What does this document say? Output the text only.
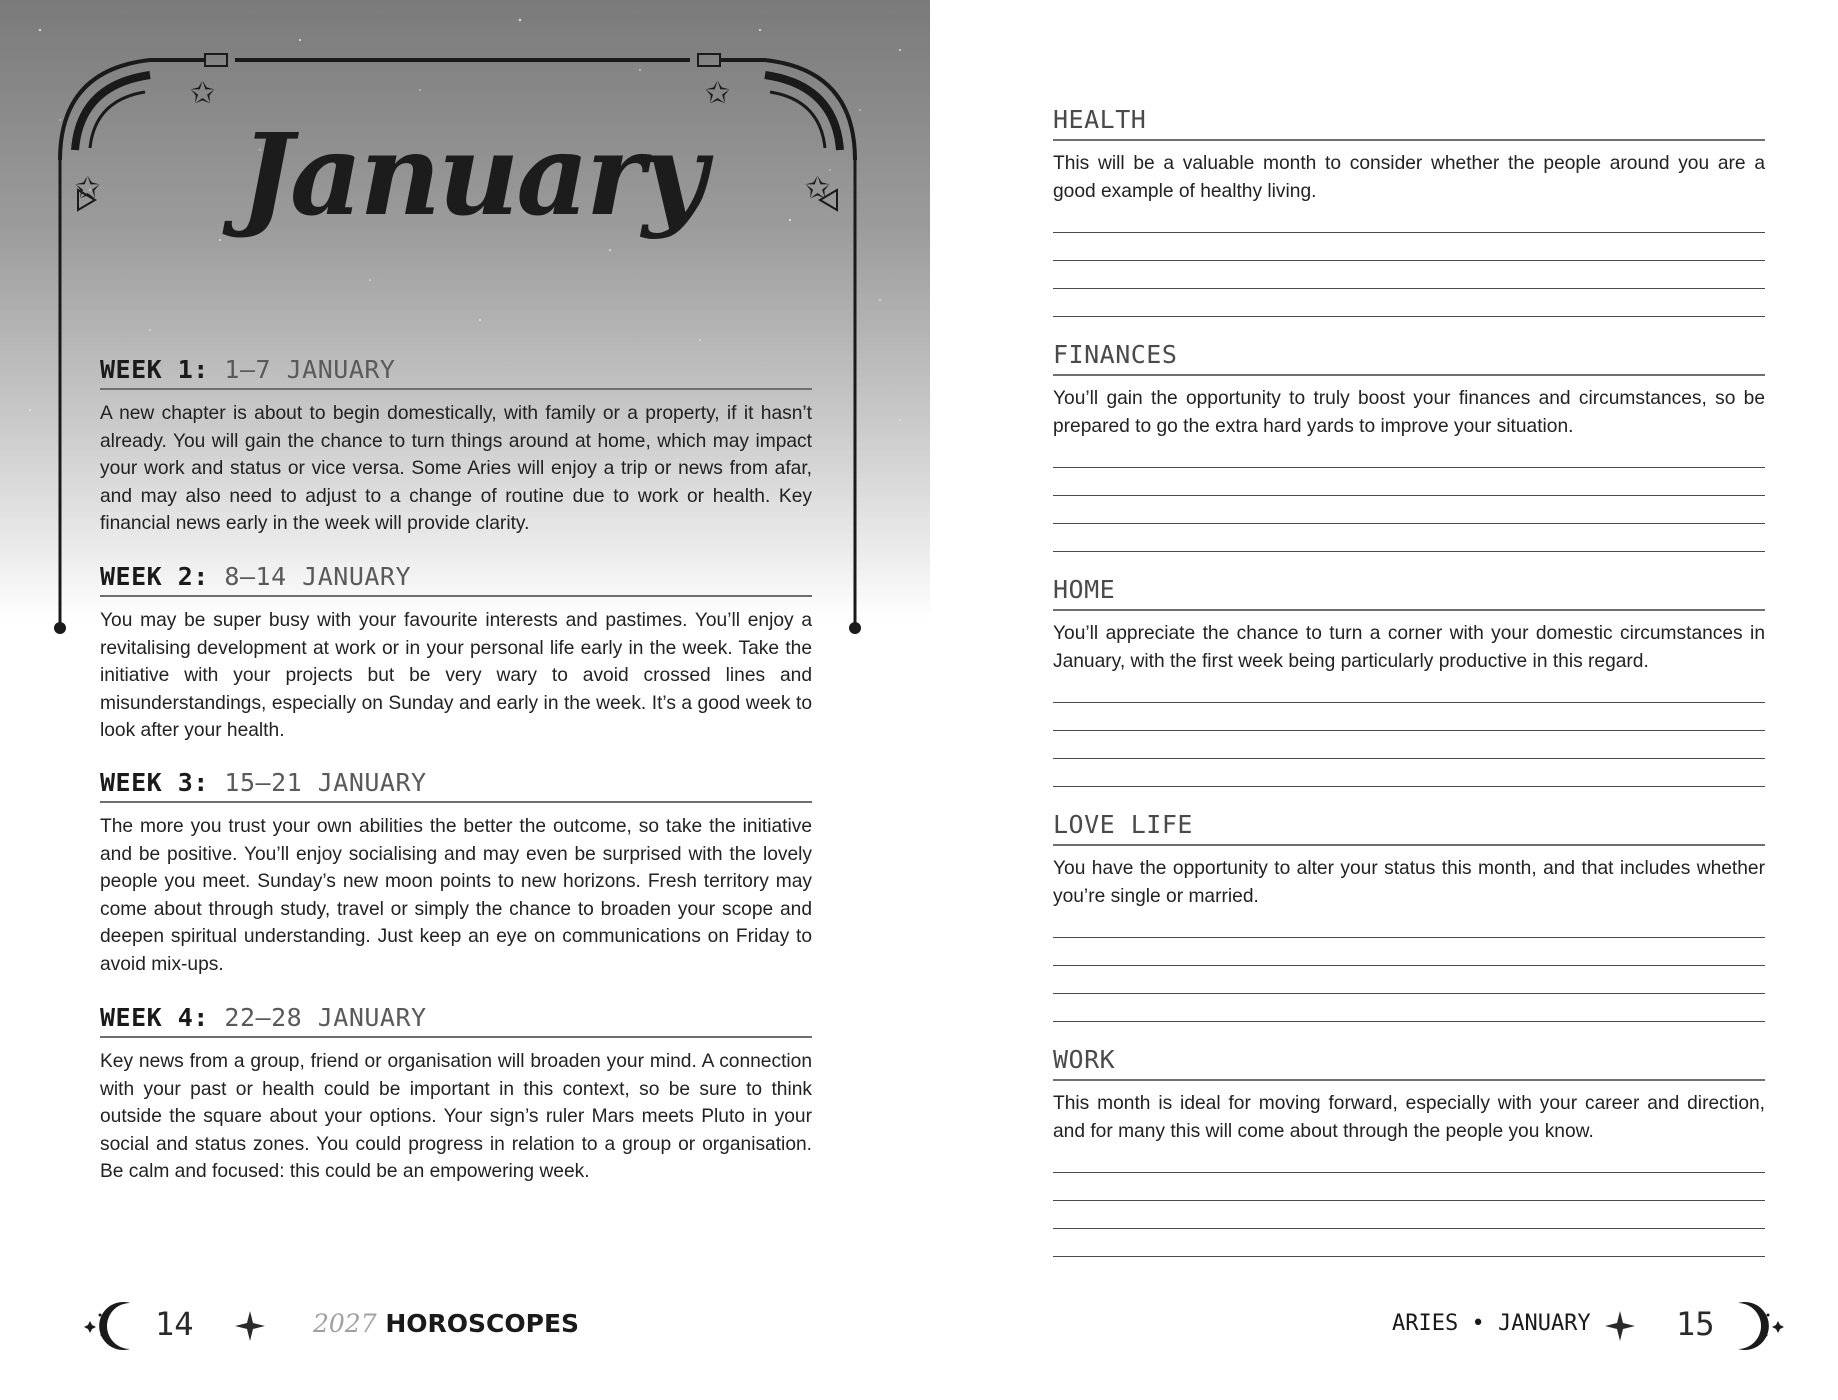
✩	✩
✩	✩
January
WEEK 1: 1–7 JANUARY
A new chapter is about to begin domestically, with family or a property, if it hasn’t already. You will gain the chance to turn things around at home, which may impact your work and status or vice versa. Some Aries will enjoy a trip or news from afar, and may also need to adjust to a change of routine due to work or health. Key financial news early in the week will provide clarity.
WEEK 2: 8–14 JANUARY
You may be super busy with your favourite interests and pastimes. You’ll enjoy a revitalising development at work or in your personal life early in the week. Take the initiative with your projects but be very wary to avoid crossed lines and misunderstandings, especially on Sunday and early in the week. It’s a good week to look after your health.
WEEK 3: 15–21 JANUARY
The more you trust your own abilities the better the outcome, so take the initiative and be positive. You’ll enjoy socialising and may even be surprised with the lovely people you meet. Sunday’s new moon points to new horizons. Fresh territory may come about through study, travel or simply the chance to broaden your scope and deepen spiritual understanding. Just keep an eye on communications on Friday to avoid mix-ups.
WEEK 4: 22–28 JANUARY
Key news from a group, friend or organisation will broaden your mind. A connection with your past or health could be important in this context, so be sure to think outside the square about your options. Your sign’s ruler Mars meets Pluto in your social and status zones. You could progress in relation to a group or organisation. Be calm and focused: this could be an empowering week.
14	2027 HOROSCOPES
HEALTH
This will be a valuable month to consider whether the people around you are a good example of healthy living.
FINANCES
You’ll gain the opportunity to truly boost your finances and circumstances, so be prepared to go the extra hard yards to improve your situation.
HOME
You’ll appreciate the chance to turn a corner with your domestic circumstances in January, with the first week being particularly productive in this regard.
LOVE LIFE
You have the opportunity to alter your status this month, and that includes whether you’re single or married.
WORK
This month is ideal for moving forward, especially with your career and direction, and for many this will come about through the people you know.
ARIES • JANUARY	15
